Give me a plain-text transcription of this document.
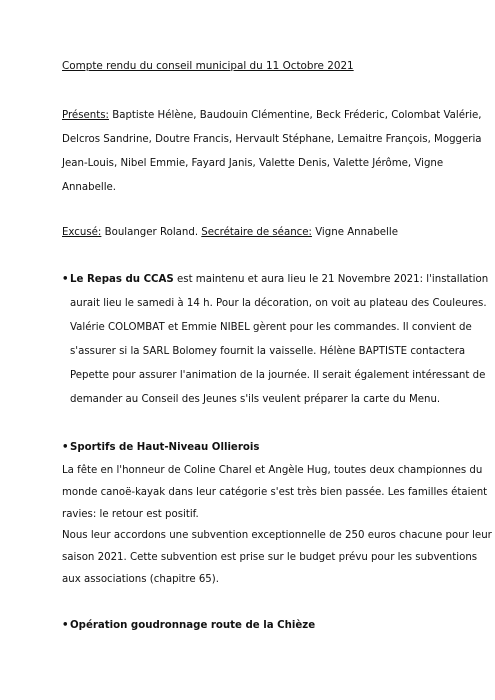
Compte rendu du conseil municipal du 11 Octobre 2021
Présents: Baptiste Hélène, Baudouin Clémentine, Beck Fréderic, Colombat Valérie,
Delcros Sandrine, Doutre Francis, Hervault Stéphane, Lemaitre François, Moggeria
Jean-Louis, Nibel Emmie, Fayard Janis, Valette Denis, Valette Jérôme, Vigne
Annabelle.
Excusé: Boulanger Roland. Secrétaire de séance: Vigne Annabelle
•Le Repas du CCAS est maintenu et aura lieu le 21 Novembre 2021: l'installation
aurait lieu le samedi à 14 h. Pour la décoration, on voit au plateau des Couleures.
Valérie COLOMBAT et Emmie NIBEL gèrent pour les commandes. Il convient de
s'assurer si la SARL Bolomey fournit la vaisselle. Hélène BAPTISTE contactera
Pepette pour assurer l'animation de la journée. Il serait également intéressant de
demander au Conseil des Jeunes s'ils veulent préparer la carte du Menu.
•Sportifs de Haut-Niveau Ollierois
La fête en l'honneur de Coline Charel et Angèle Hug, toutes deux championnes du
monde canoë-kayak dans leur catégorie s'est très bien passée. Les familles étaient
ravies: le retour est positif.
Nous leur accordons une subvention exceptionnelle de 250 euros chacune pour leur
saison 2021. Cette subvention est prise sur le budget prévu pour les subventions
aux associations (chapitre 65).
•Opération goudronnage route de la Chièze
